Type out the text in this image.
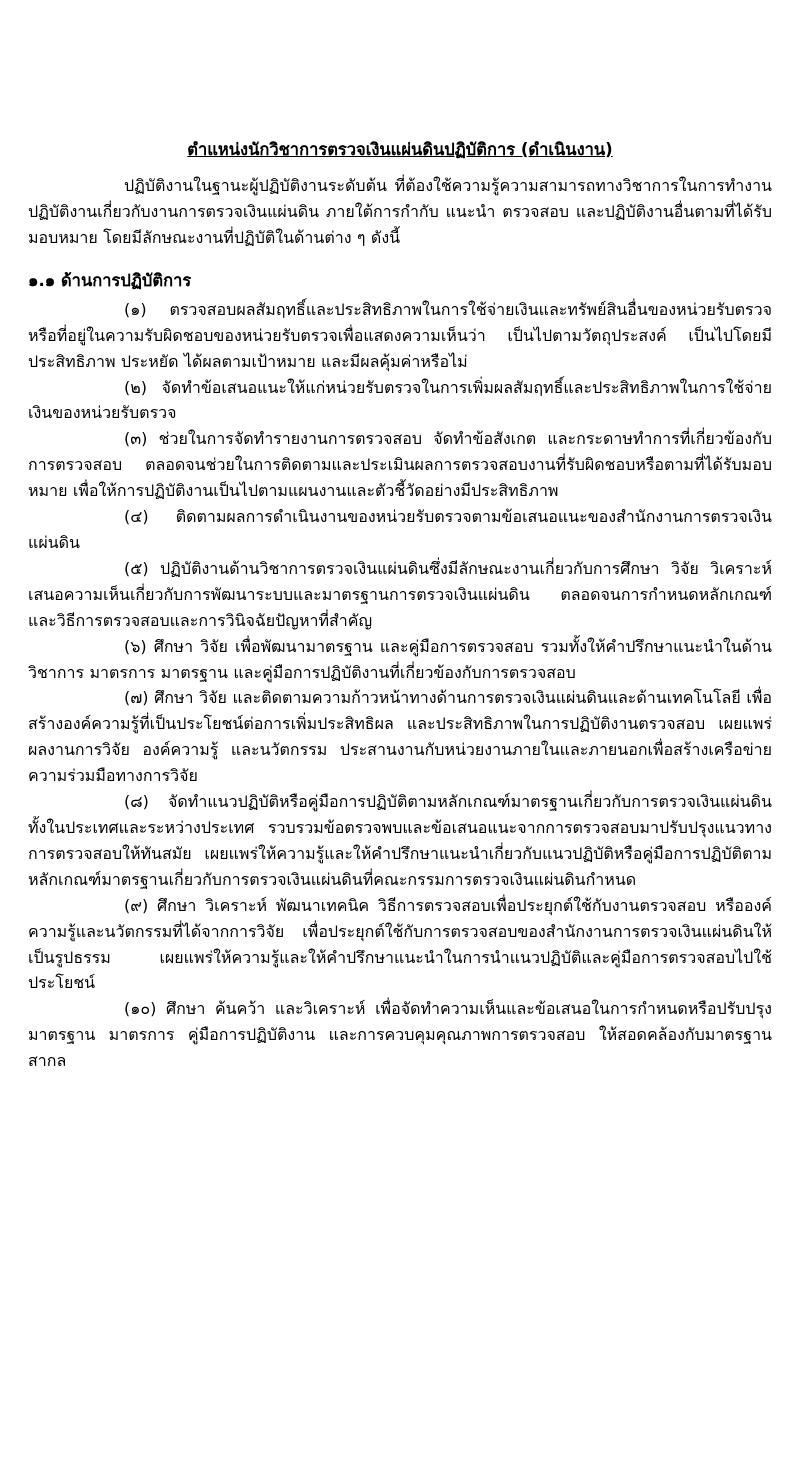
ตำแหน่งนักวิชาการตรวจเงินแผ่นดินปฏิบัติการ (ดำเนินงาน)

ปฏิบัติงานในฐานะผู้ปฏิบัติงานระดับต้น ที่ต้องใช้ความรู้ความสามารถทางวิชาการในการทำงาน ปฏิบัติงานเกี่ยวกับงานการตรวจเงินแผ่นดิน ภายใต้การกำกับ แนะนำ ตรวจสอบ และปฏิบัติงานอื่นตามที่ได้รับมอบหมาย โดยมีลักษณะงานที่ปฏิบัติในด้านต่าง ๆ ดังนี้

๑.๑ ด้านการปฏิบัติการ

(๑) ตรวจสอบผลสัมฤทธิ์และประสิทธิภาพในการใช้จ่ายเงินและทรัพย์สินอื่นของหน่วยรับตรวจหรือที่อยู่ในความรับผิดชอบของหน่วยรับตรวจเพื่อแสดงความเห็นว่า เป็นไปตามวัตถุประสงค์ เป็นไปโดยมีประสิทธิภาพ ประหยัด ได้ผลตามเป้าหมาย และมีผลคุ้มค่าหรือไม่

(๒) จัดทำข้อเสนอแนะให้แก่หน่วยรับตรวจในการเพิ่มผลสัมฤทธิ์และประสิทธิภาพในการใช้จ่ายเงินของหน่วยรับตรวจ

(๓) ช่วยในการจัดทำรายงานการตรวจสอบ จัดทำข้อสังเกต และกระดาษทำการที่เกี่ยวข้องกับการตรวจสอบ ตลอดจนช่วยในการติดตามและประเมินผลการตรวจสอบงานที่รับผิดชอบหรือตามที่ได้รับมอบหมาย เพื่อให้การปฏิบัติงานเป็นไปตามแผนงานและตัวชี้วัดอย่างมีประสิทธิภาพ

(๔) ติดตามผลการดำเนินงานของหน่วยรับตรวจตามข้อเสนอแนะของสำนักงานการตรวจเงินแผ่นดิน

(๕) ปฏิบัติงานด้านวิชาการตรวจเงินแผ่นดินซึ่งมีลักษณะงานเกี่ยวกับการศึกษา วิจัย วิเคราะห์ เสนอความเห็นเกี่ยวกับการพัฒนาระบบและมาตรฐานการตรวจเงินแผ่นดิน ตลอดจนการกำหนดหลักเกณฑ์และวิธีการตรวจสอบและการวินิจฉัยปัญหาที่สำคัญ

(๖) ศึกษา วิจัย เพื่อพัฒนามาตรฐาน และคู่มือการตรวจสอบ รวมทั้งให้คำปรึกษาแนะนำในด้านวิชาการ มาตรการ มาตรฐาน และคู่มือการปฏิบัติงานที่เกี่ยวข้องกับการตรวจสอบ

(๗) ศึกษา วิจัย และติดตามความก้าวหน้าทางด้านการตรวจเงินแผ่นดินและด้านเทคโนโลยี เพื่อสร้างองค์ความรู้ที่เป็นประโยชน์ต่อการเพิ่มประสิทธิผล และประสิทธิภาพในการปฏิบัติงานตรวจสอบ เผยแพร่ผลงานการวิจัย องค์ความรู้ และนวัตกรรม ประสานงานกับหน่วยงานภายในและภายนอกเพื่อสร้างเครือข่ายความร่วมมือทางการวิจัย

(๘) จัดทำแนวปฏิบัติหรือคู่มือการปฏิบัติตามหลักเกณฑ์มาตรฐานเกี่ยวกับการตรวจเงินแผ่นดินทั้งในประเทศและระหว่างประเทศ รวบรวมข้อตรวจพบและข้อเสนอแนะจากการตรวจสอบมาปรับปรุงแนวทางการตรวจสอบให้ทันสมัย เผยแพร่ให้ความรู้และให้คำปรึกษาแนะนำเกี่ยวกับแนวปฏิบัติหรือคู่มือการปฏิบัติตามหลักเกณฑ์มาตรฐานเกี่ยวกับการตรวจเงินแผ่นดินที่คณะกรรมการตรวจเงินแผ่นดินกำหนด

(๙) ศึกษา วิเคราะห์ พัฒนาเทคนิค วิธีการตรวจสอบเพื่อประยุกต์ใช้กับงานตรวจสอบ หรือองค์ความรู้และนวัตกรรมที่ได้จากการวิจัย เพื่อประยุกต์ใช้กับการตรวจสอบของสำนักงานการตรวจเงินแผ่นดินให้เป็นรูปธรรม เผยแพร่ให้ความรู้และให้คำปรึกษาแนะนำในการนำแนวปฏิบัติและคู่มือการตรวจสอบไปใช้ประโยชน์

(๑๐) ศึกษา ค้นคว้า และวิเคราะห์ เพื่อจัดทำความเห็นและข้อเสนอในการกำหนดหรือปรับปรุงมาตรฐาน มาตรการ คู่มือการปฏิบัติงาน และการควบคุมคุณภาพการตรวจสอบ ให้สอดคล้องกับมาตรฐานสากล
